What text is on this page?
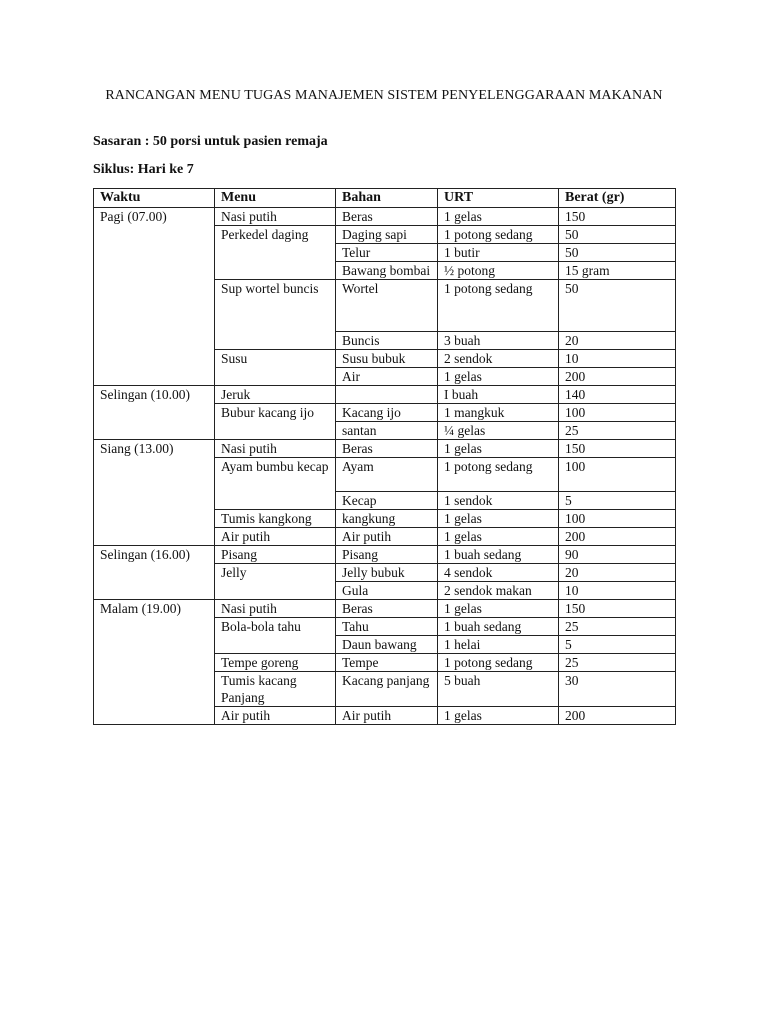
RANCANGAN MENU TUGAS MANAJEMEN SISTEM PENYELENGGARAAN MAKANAN
Sasaran : 50 porsi untuk pasien remaja
Siklus: Hari ke 7
Waktu	Menu	Bahan	URT	Berat (gr)
Pagi (07.00)	Nasi putih	Beras	1 gelas	150
	Perkedel daging	Daging sapi	1 potong sedang	50
		Telur	1 butir	50
		Bawang bombai	½ potong	15 gram
	Sup wortel buncis	Wortel	1 potong sedang	50
		Buncis	3 buah	20
	Susu	Susu bubuk	2 sendok	10
		Air	1 gelas	200
Selingan (10.00)	Jeruk		I buah	140
	Bubur kacang ijo	Kacang ijo	1 mangkuk	100
		santan	¼ gelas	25
Siang (13.00)	Nasi putih	Beras	1 gelas	150
	Ayam bumbu kecap	Ayam	1 potong sedang	100
		Kecap	1 sendok	5
	Tumis kangkong	kangkung	1 gelas	100
	Air putih	Air putih	1 gelas	200
Selingan (16.00)	Pisang	Pisang	1 buah sedang	90
	Jelly	Jelly bubuk	4 sendok	20
		Gula	2 sendok makan	10
Malam (19.00)	Nasi putih	Beras	1 gelas	150
	Bola-bola tahu	Tahu	1 buah sedang	25
		Daun bawang	1 helai	5
	Tempe goreng	Tempe	1 potong sedang	25
	Tumis kacang Panjang	Kacang panjang	5 buah	30
	Air putih	Air putih	1 gelas	200
